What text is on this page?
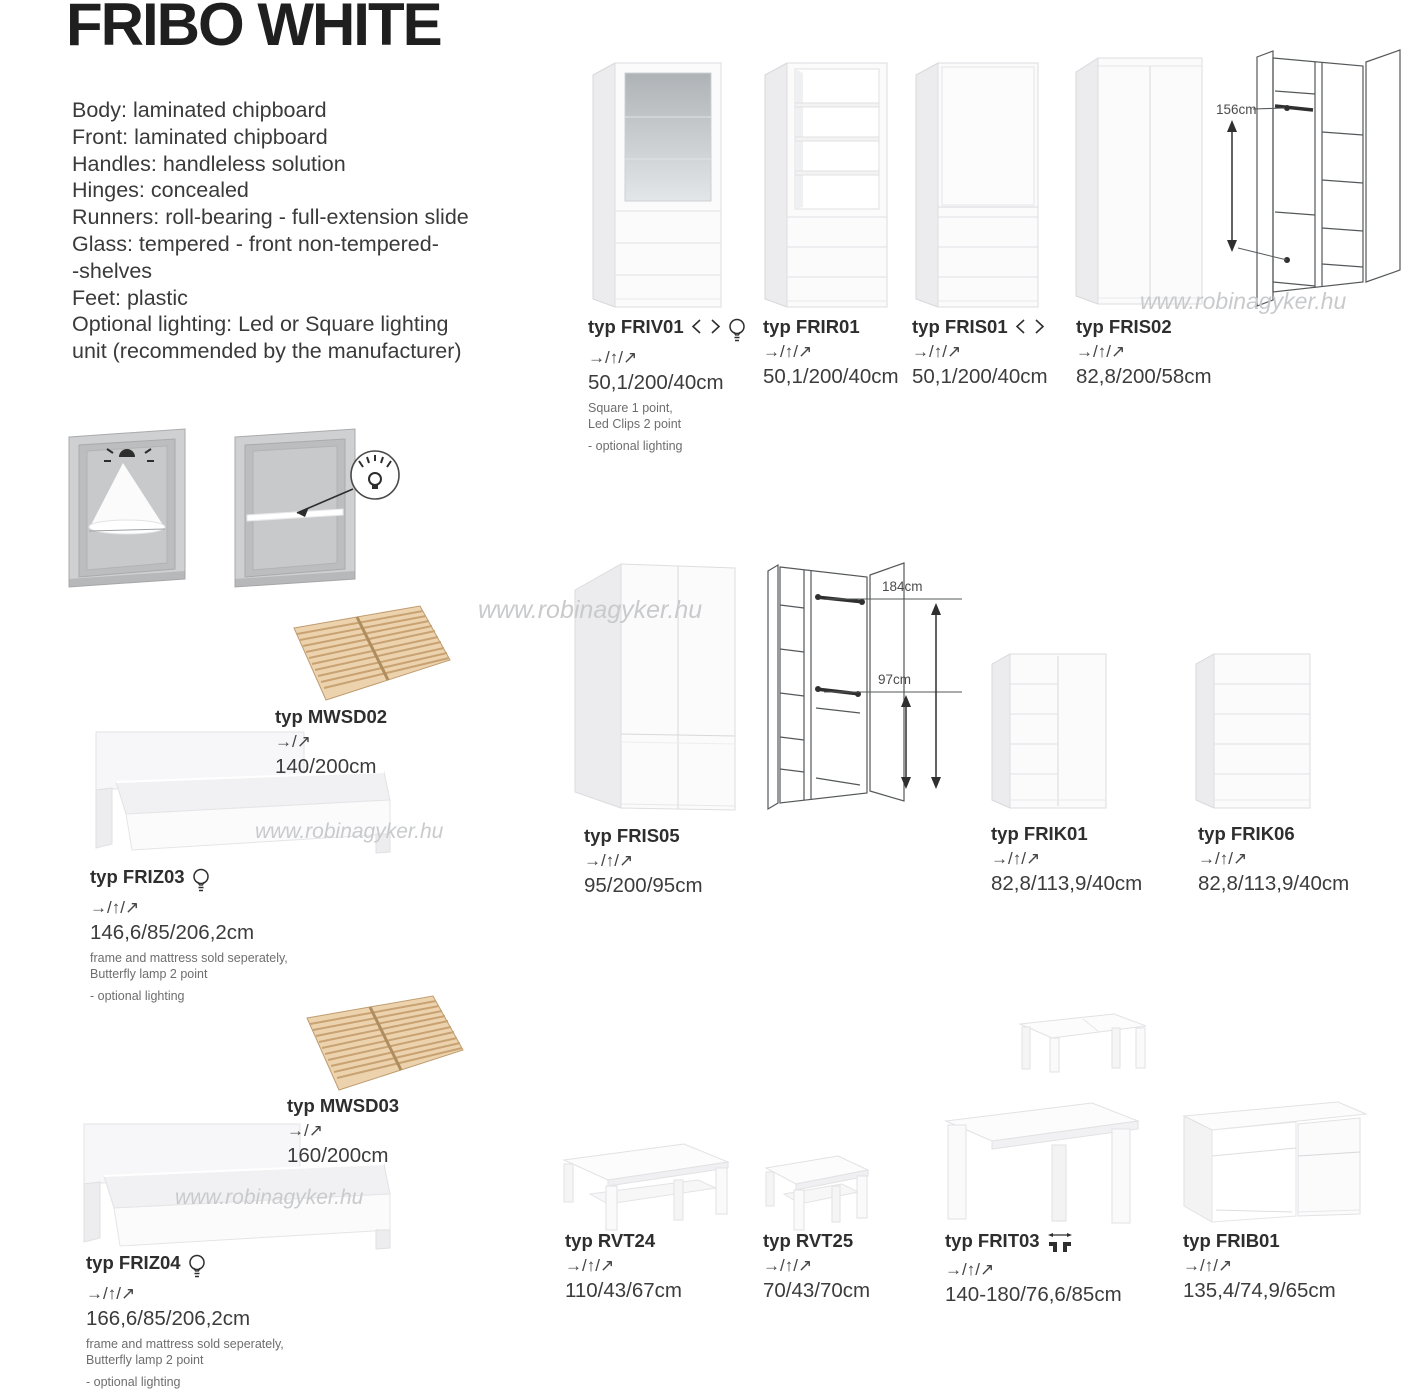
FRIBO WHITE
Body: laminated chipboard
Front: laminated chipboard
Handles: handleless solution
Hinges: concealed
Runners: roll-bearing - full-extension slide
Glass: tempered - front non-tempered-
-shelves
Feet: plastic
Optional lighting: Led or Square lighting
unit (recommended by the manufacturer)
www.robinagyker.hu
www.robinagyker.hu
www.robinagyker.hu
www.robinagyker.hu
156cm
typ FRIV01
→/↑/↗
50,1/200/40cm
Square 1 point,
Led Clips 2 point
- optional lighting
typ FRIR01
→/↑/↗
50,1/200/40cm
typ FRIS01
→/↑/↗
50,1/200/40cm
typ FRIS02
→/↑/↗
82,8/200/58cm
typ MWSD02
→/↗
140/200cm
typ FRIZ03
→/↑/↗
146,6/85/206,2cm
frame and mattress sold seperately,
Butterfly lamp 2 point
- optional lighting
184cm
97cm
typ FRIS05
→/↑/↗
95/200/95cm
typ FRIK01
→/↑/↗
82,8/113,9/40cm
typ FRIK06
→/↑/↗
82,8/113,9/40cm
typ MWSD03
→/↗
160/200cm
typ FRIZ04
→/↑/↗
166,6/85/206,2cm
frame and mattress sold seperately,
Butterfly lamp 2 point
- optional lighting
typ RVT24
→/↑/↗
110/43/67cm
typ RVT25
→/↑/↗
70/43/70cm
typ FRIT03
→/↑/↗
140-180/76,6/85cm
typ FRIB01
→/↑/↗
135,4/74,9/65cm
